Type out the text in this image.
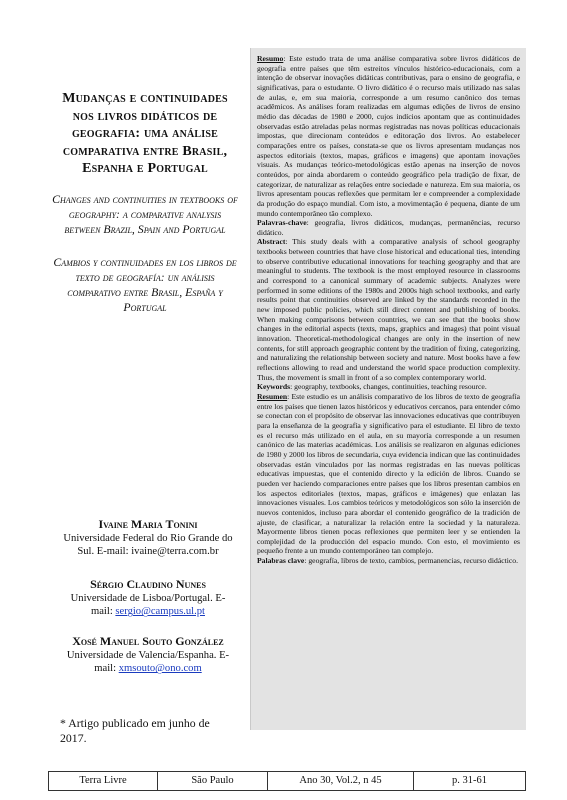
Mudanças e continuidades nos livros didáticos de geografia: uma análise comparativa entre Brasil, Espanha e Portugal

Changes and continuities in textbooks of geography: a comparative analysis between Brazil, Spain and Portugal

Cambios y continuidades en los libros de texto de geografía: un análisis comparativo entre Brasil, España y Portugal

Ivaine Maria Tonini
Universidade Federal do Rio Grande do Sul. E-mail: ivaine@terra.com.br
Sérgio Claudino Nunes
Universidade de Lisboa/Portugal. E-mail: sergio@campus.ul.pt
Xosé Manuel Souto González
Universidade de Valencia/Espanha. E-mail: xmsouto@ono.com
* Artigo publicado em junho de 2017.

Resumo: Este estudo trata de uma análise comparativa sobre livros didáticos de geografia entre países que têm estreitos vínculos histórico-educacionais, com a intenção de observar inovações didáticas contributivas, para o ensino de geografia, e significativas, para o estudante. O livro didático é o recurso mais utilizado nas salas de aulas, e, em sua maioria, corresponde a um resumo canônico dos temas acadêmicos. As análises foram realizadas em algumas edições de livros de ensino médio das décadas de 1980 e 2000, cujos indícios apontam que as continuidades observadas estão atreladas pelas normas registradas nas novas políticas educacionais impostas, que direcionam conteúdos e editoração dos livros. Ao estabelecer comparações entre os países, constata-se que os livros apresentam mudanças nos aspectos editoriais (textos, mapas, gráficos e imagens) que apontam inovações visuais. As mudanças teórico-metodológicas estão apenas na inserção de novos conteúdos, por ainda abordarem o conteúdo geográfico pela tradição de fixar, de categorizar, de naturalizar as relações entre sociedade e natureza. Em sua maioria, os livros apresentam poucas reflexões que permitam ler e compreender a complexidade da produção do espaço mundial. Com isto, a movimentação é pequena, diante de um mundo contemporâneo tão complexo.

Palavras-chave: geografia, livros didáticos, mudanças, permanências, recurso didático.

Abstract: This study deals with a comparative analysis of school geography textbooks between countries that have close historical and educational ties, intending to observe contributive educational innovations for teaching geography and that are meaningful to students. The textbook is the most employed resource in classrooms and correspond to a canonical summary of academic subjects. Analyzes were performed in some editions of the 1980s and 2000s high school textbooks, and early results point that continuities observed are linked by the standards recorded in the new imposed public policies, which still direct content and publishing of books. When making comparisons between countries, we can see that the books show changes in the editorial aspects (texts, maps, graphics and images) that point visual innovation. Theoretical-methodological changes are only in the insertion of new contents, for still approach geographic content by the tradition of fixing, categorizing, and naturalizing the relationship between society and nature. Most books have a few reflections allowing to read and understand the world space production complexity. Thus, the movement is small in front of a so complex contemporary world.

Keywords: geography, textbooks, changes, continuities, teaching resource.

Resumen: Este estudio es un análisis comparativo de los libros de texto de geografía entre los países que tienen lazos históricos y educativos cercanos, para entender cómo se conectan con el propósito de observar las innovaciones educativas que contribuyen para la enseñanza de la geografía y significativo para el estudiante. El libro de texto es el recurso más utilizado en el aula, en su mayoría corresponde a un resumen canónico de las materias académicas. Los análisis se realizaron en algunas ediciones de 1980 y 2000 los libros de secundaria, cuya evidencia indican que las continuidades observadas están vinculados por las normas registradas en las nuevas políticas educativas impuestas, que el contenido directo y la edición de libros. Cuando se pueden ver haciendo comparaciones entre países que los libros presentan cambios en los aspectos editoriales (textos, mapas, gráficos e imágenes) que enlazan las innovaciones visuales. Los cambios teóricos y metodológicos son sólo la inserción de nuevos contenidos, incluso para abordar el contenido geográfico de la tradición de ajuste, de clasificar, a naturalizar la relación entre la sociedad y la naturaleza. Mayormente libros tienen pocas reflexiones que permiten leer y se entienden la complejidad de la producción del espacio mundo. Con esto, el movimiento es pequeño frente a un mundo contemporáneo tan complejo.

Palabras clave: geografía, libros de texto, cambios, permanencias, recurso didáctico.

Terra Livre	São Paulo	Ano 30, Vol.2, n 45	p. 31-61
